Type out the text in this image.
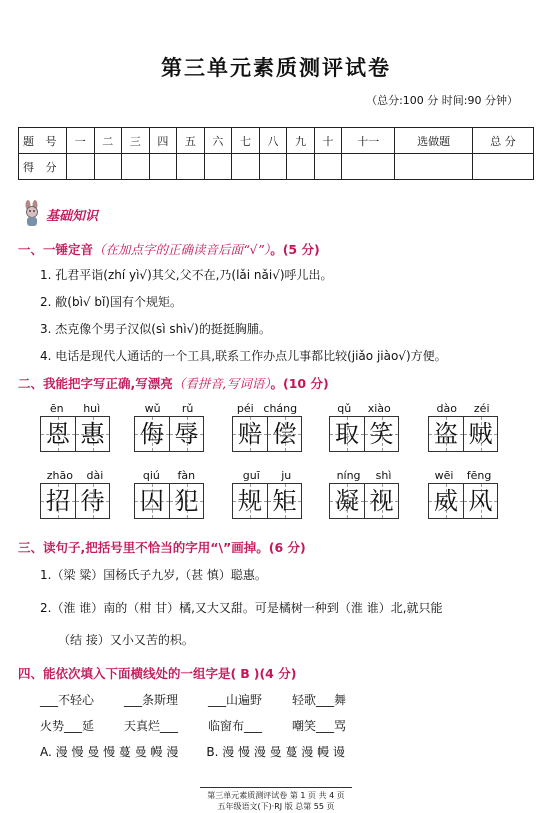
第三单元素质测评试卷
（总分:100 分 时间:90 分钟）
题 号	一	二	三	四	五	六	七	八	九	十	十一	选做题	总 分
得 分													
基础知识
一、一锤定音（在加点字的正确读音后面“√”）。(5 分)
1. 孔君平诣(zhí yì√)其父,父不在,乃(lǎi nǎi√)呼儿出。
2. 敝(bì√ bǐ)国有个规矩。
3. 杰克像个男子汉似(sì shì√)的挺挺胸脯。
4. 电话是现代人通话的一个工具,联系工作办点儿事都比较(jiǎo jiào√)方便。
二、我能把字写正确,写漂亮（看拼音,写词语）。(10 分)
ēn huì
恩 惠
wǔ rǔ
侮 辱
péi cháng
赔 偿
qǔ xiào
取 笑
dào zéi
盗 贼
zhāo dài
招 待
qiú fàn
囚 犯
guī ju
规 矩
níng shì
凝 视
wēi fēng
威 风
三、读句子,把括号里不恰当的字用“\”画掉。(6 分)
1.（梁 粱）国杨氏子九岁,（甚 慎）聪惠。
2.（淮 谁）南的（柑 甘）橘,又大又甜。可是橘树一种到（淮 谁）北,就只能
（结 接）又小又苦的枳。
四、能依次填入下面横线处的一组字是( B )(4 分)
___不轻心	___条斯理	___山遍野	轻歌___舞
火势___延	天真烂___	临窗布___	嘲笑___骂
A. 漫 慢 曼 慢 蔓 曼 幔 漫 B. 漫 慢 漫 曼 蔓 漫 幔 谩
第三单元素质测评试卷 第 1 页 共 4 页
五年级语文(下)·RJ 版 总第 55 页
